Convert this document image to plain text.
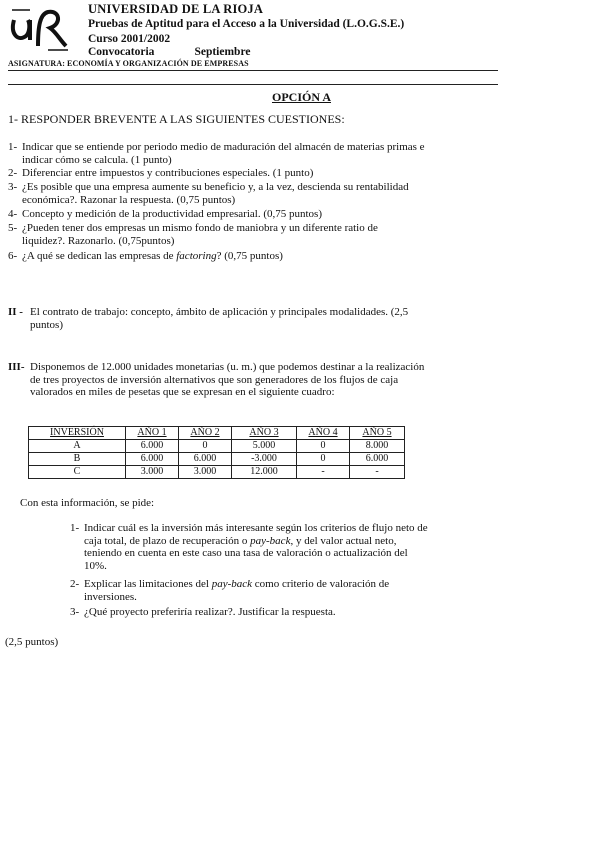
UNIVERSIDAD DE LA RIOJA
Pruebas de Aptitud para el Acceso a la Universidad (L.O.G.S.E.)
Curso 2001/2002
Convocatoria	Septiembre
ASIGNATURA: ECONOMÍA Y ORGANIZACIÓN DE EMPRESAS
OPCIÓN A
1- RESPONDER BREVENTE A LAS SIGUIENTES CUESTIONES:
1- Indicar que se entiende por periodo medio de maduración del almacén de materias primas e
indicar cómo se calcula. (1 punto)
2- Diferenciar entre impuestos y contribuciones especiales. (1 punto)
3- ¿Es posible que una empresa aumente su beneficio y, a la vez, descienda su rentabilidad
económica?. Razonar la respuesta. (0,75 puntos)
4- Concepto y medición de la productividad empresarial. (0,75 puntos)
5- ¿Pueden tener dos empresas un mismo fondo de maniobra y un diferente ratio de
liquidez?. Razonarlo. (0,75puntos)
6- ¿A qué se dedican las empresas de factoring? (0,75 puntos)
II - El contrato de trabajo: concepto, ámbito de aplicación y principales modalidades. (2,5
puntos)
III- Disponemos de 12.000 unidades monetarias (u. m.) que podemos destinar a la realización
de tres proyectos de inversión alternativos que son generadores de los flujos de caja
valorados en miles de pesetas que se expresan en el siguiente cuadro:
INVERSIÓN	AÑO 1	AÑO 2	AÑO 3	AÑO 4	AÑO 5
A	6.000	0	5.000	0	8.000
B	6.000	6.000	-3.000	0	6.000
C	3.000	3.000	12.000	-	-
Con esta información, se pide:
1- Indicar cuál es la inversión más interesante según los criterios de flujo neto de
caja total, de plazo de recuperación o pay-back, y del valor actual neto,
teniendo en cuenta en este caso una tasa de valoración o actualización del
10%.
2- Explicar las limitaciones del pay-back como criterio de valoración de
inversiones.
3- ¿Qué proyecto preferiría realizar?. Justificar la respuesta.
(2,5 puntos)
